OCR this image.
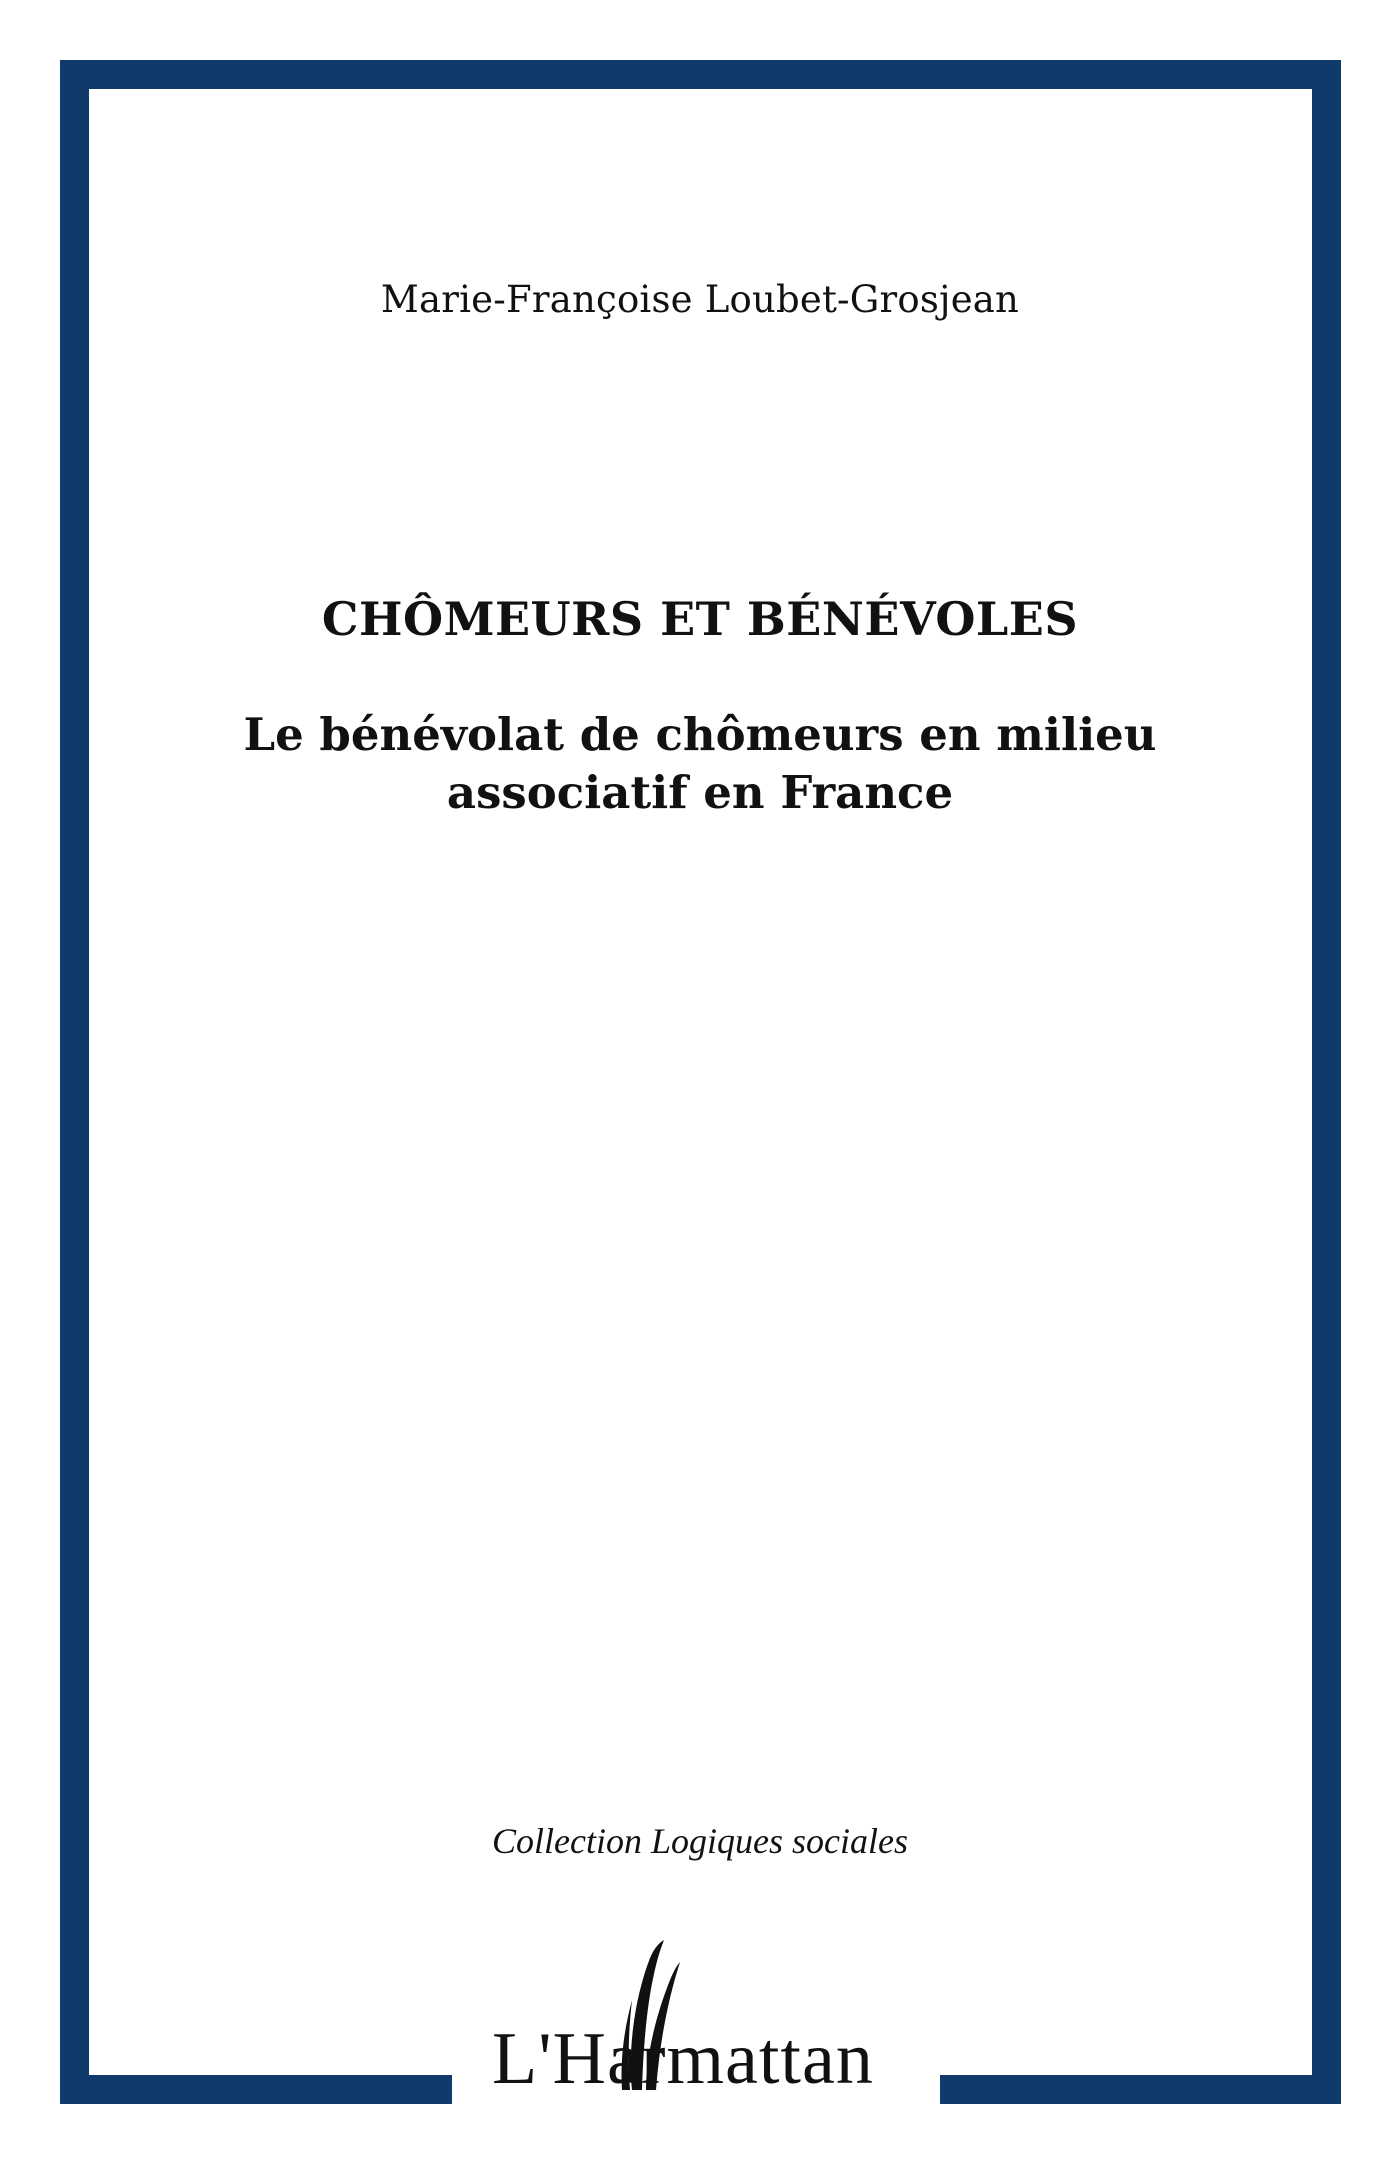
Marie-Françoise Loubet-Grosjean
CHÔMEURS ET BÉNÉVOLES
Le bénévolat de chômeurs en milieu associatif en France
Collection Logiques sociales
L'Harmattan
